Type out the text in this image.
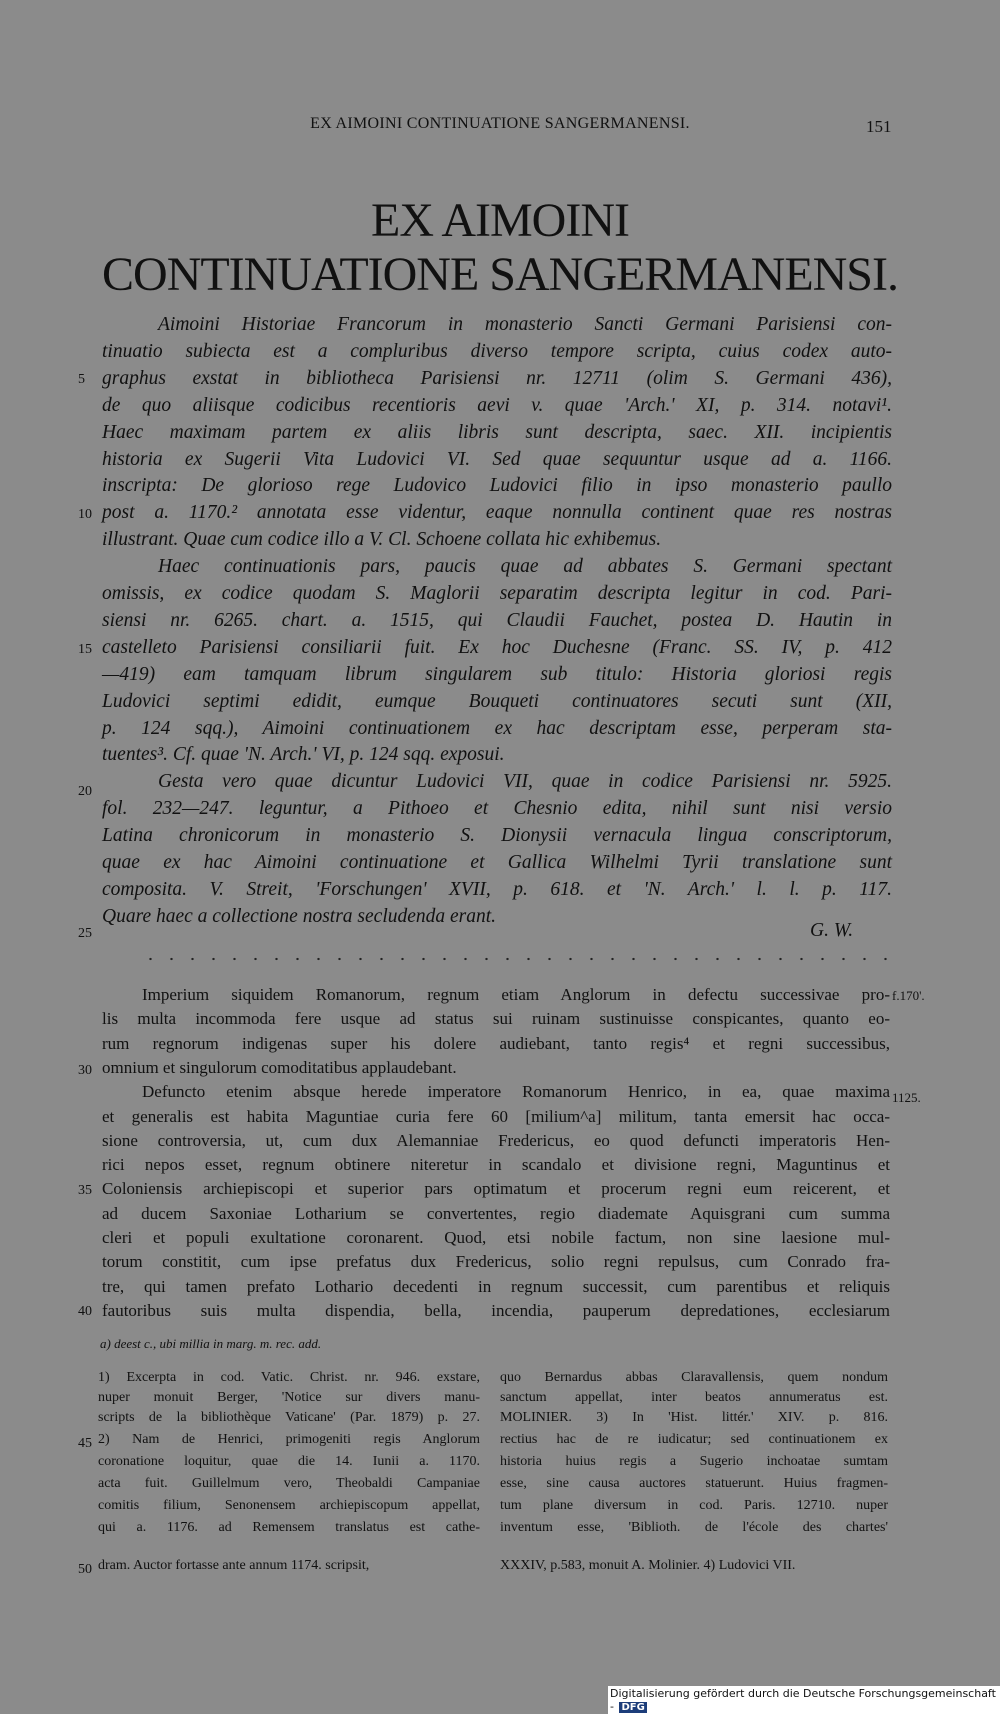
EX AIMOINI CONTINUATIONE SANGERMANENSI.	151
EX AIMOINI
CONTINUATIONE SANGERMANENSI.
Aimoini Historiae Francorum in monasterio Sancti Germani Parisiensi con-
tinuatio subiecta est a compluribus diverso tempore scripta, cuius codex auto-
graphus exstat in bibliotheca Parisiensi nr. 12711 (olim S. Germani 436),
de quo aliisque codicibus recentioris aevi v. quae 'Arch.' XI, p. 314. notavi¹.
Haec maximam partem ex aliis libris sunt descripta, saec. XII. incipientis
historia ex Sugerii Vita Ludovici VI. Sed quae sequuntur usque ad a. 1166.
inscripta: De glorioso rege Ludovico Ludovici filio in ipso monasterio paullo
post a. 1170.² annotata esse videntur, eaque nonnulla continent quae res nostras
illustrant. Quae cum codice illo a V. Cl. Schoene collata hic exhibemus.
Haec continuationis pars, paucis quae ad abbates S. Germani spectant
omissis, ex codice quodam S. Maglorii separatim descripta legitur in cod. Pari-
siensi nr. 6265. chart. a. 1515, qui Claudii Fauchet, postea D. Hautin in
castelleto Parisiensi consiliarii fuit. Ex hoc Duchesne (Franc. SS. IV, p. 412
—419) eam tamquam librum singularem sub titulo: Historia gloriosi regis
Ludovici septimi edidit, eumque Bouqueti continuatores secuti sunt (XII,
p. 124 sqq.), Aimoini continuationem ex hac descriptam esse, perperam sta-
tuentes³. Cf. quae 'N. Arch.' VI, p. 124 sqq. exposui.
Gesta vero quae dicuntur Ludovici VII, quae in codice Parisiensi nr. 5925.
fol. 232—247. leguntur, a Pithoeo et Chesnio edita, nihil sunt nisi versio
Latina chronicorum in monasterio S. Dionysii vernacula lingua conscriptorum,
quae ex hac Aimoini continuatione et Gallica Wilhelmi Tyrii translatione sunt
composita. V. Streit, 'Forschungen' XVII, p. 618. et 'N. Arch.' l. l. p. 117.
Quare haec a collectione nostra secludenda erant.
G. W.
5
10
15
20
25
30
35
40
45
50
Imperium siquidem Romanorum, regnum etiam Anglorum in defectu successivae pro-
lis multa incommoda fere usque ad status sui ruinam sustinuisse conspicantes, quanto eo-
rum regnorum indigenas super his dolere audiebant, tanto regis⁴ et regni successibus,
omnium et singulorum comoditatibus applaudebant.
Defuncto etenim absque herede imperatore Romanorum Henrico, in ea, quae maxima
et generalis est habita Maguntiae curia fere 60 [milium^a] militum, tanta emersit hac occa-
sione controversia, ut, cum dux Alemanniae Fredericus, eo quod defuncti imperatoris Hen-
rici nepos esset, regnum obtinere niteretur in scandalo et divisione regni, Maguntinus et
Coloniensis archiepiscopi et superior pars optimatum et procerum regni eum reicerent, et
ad ducem Saxoniae Lotharium se convertentes, regio diademate Aquisgrani cum summa
cleri et populi exultatione coronarent. Quod, etsi nobile factum, non sine laesione mul-
torum constitit, cum ipse prefatus dux Fredericus, solio regni repulsus, cum Conrado fra-
tre, qui tamen prefato Lothario decedenti in regnum successit, cum parentibus et reliquis
fautoribus suis multa dispendia, bella, incendia, pauperum depredationes, ecclesiarum
f.170'.
1125.
a) deest c., ubi millia in marg. m. rec. add.
1) Excerpta in cod. Vatic. Christ. nr. 946. exstare,
nuper monuit Berger, 'Notice sur divers manu-
scripts de la bibliothèque Vaticane' (Par. 1879) p. 27.
2) Nam de Henrici, primogeniti regis Anglorum
coronatione loquitur, quae die 14. Iunii a. 1170.
acta fuit. Guillelmum vero, Theobaldi Campaniae
comitis filium, Senonensem archiepiscopum appellat,
qui a. 1176. ad Remensem translatus est cathe-
dram. Auctor fortasse ante annum 1174. scripsit,
quo Bernardus abbas Claravallensis, quem nondum
sanctum appellat, inter beatos annumeratus est.
MOLINIER. 3) In 'Hist. littér.' XIV. p. 816.
rectius hac de re iudicatur; sed continuationem ex
historia huius regis a Sugerio inchoatae sumtam
esse, sine causa auctores statuerunt. Huius fragmen-
tum plane diversum in cod. Paris. 12710. nuper
inventum esse, 'Biblioth. de l'école des chartes'
XXXIV, p.583, monuit A. Molinier. 4) Ludovici VII.
Digitalisierung gefördert durch die Deutsche Forschungsgemeinschaft - DFG
